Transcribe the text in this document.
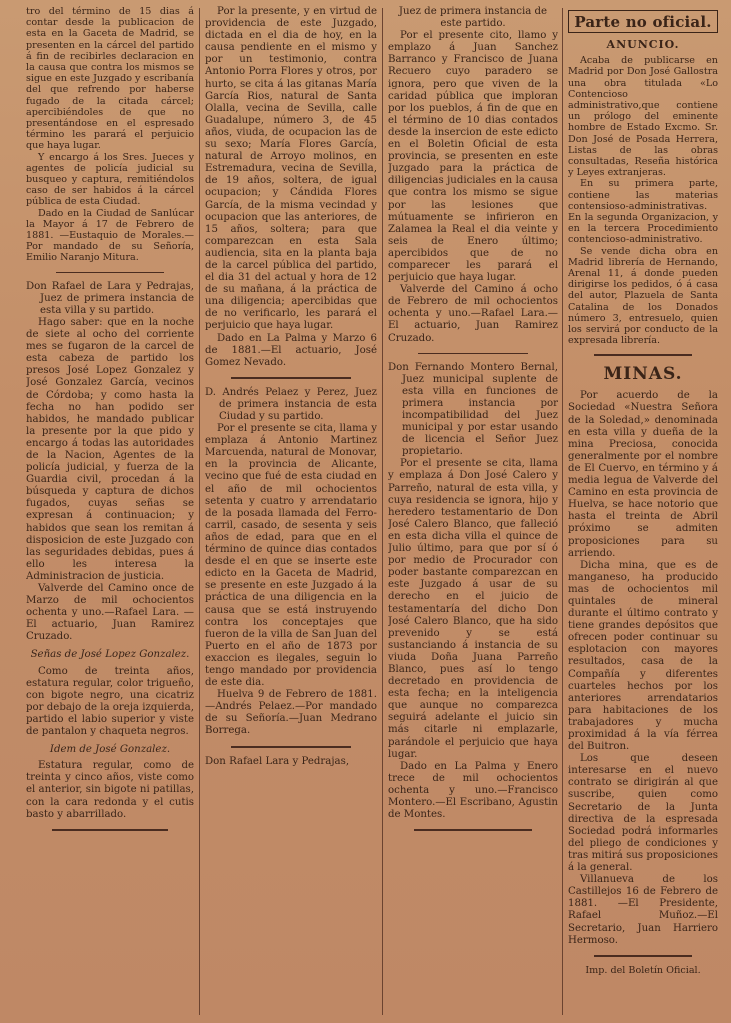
tro del término de 15 dias á contar desde la publicacion de esta en la Gaceta de Madrid, se presenten en la cárcel del partido á fin de recibirles declaracion en la causa que contra los mismos se sigue en este Juzgado y escribanía del que refrendo por haberse fugado de la citada cárcel; apercibiéndoles de que no presentándose en el espresado término les parará el perjuicio que haya lugar.

Y encargo á los Sres. Jueces y agentes de policía judicial su busqueo y captura, remitiéndolos caso de ser habidos á la cárcel pública de esta Ciudad.

Dado en la Ciudad de Sanlúcar la Mayor á 17 de Febrero de 1881. —Eustaquio de Morales.—Por mandado de su Señoría, Emilio Naranjo Mitura.

Don Rafael de Lara y Pedrajas, Juez de primera instancia de esta villa y su partido.

Hago saber: que en la noche de siete al ocho del corriente mes se fugaron de la carcel de esta cabeza de partido los presos José Lopez Gonzalez y José Gonzalez García, vecinos de Córdoba; y como hasta la fecha no han podido ser habidos, he mandado publicar la presente por la que pido y encargo á todas las autoridades de la Nacion, Agentes de la policía judicial, y fuerza de la Guardia civil, procedan á la búsqueda y captura de dichos fugados, cuyas señas se expresan á continuacion; y habidos que sean los remitan á disposicion de este Juzgado con las seguridades debidas, pues á ello les interesa la Administracion de justicia.

Valverde del Camino once de Marzo de mil ochocientos ochenta y uno.—Rafael Lara. —El actuario, Juan Ramirez Cruzado.

Señas de José Lopez Gonzalez.

Como de treinta años, estatura regular, color trigueño, con bigote negro, una cicatriz por debajo de la oreja izquierda, partido el labio superior y viste de pantalon y chaqueta negros.

Idem de José Gonzalez.

Estatura regular, como de treinta y cinco años, viste como el anterior, sin bigote ni patillas, con la cara redonda y el cutis basto y abarrillado.

Por la presente, y en virtud de providencia de este Juzgado, dictada en el dia de hoy, en la causa pendiente en el mismo y por un testimonio, contra Antonio Porra Flores y otros, por hurto, se cita á las gitanas María García Rios, natural de Santa Olalla, vecina de Sevilla, calle Guadalupe, número 3, de 45 años, viuda, de ocupacion las de su sexo; María Flores García, natural de Arroyo molinos, en Estremadura, vecina de Sevilla, de 19 años, soltera, de igual ocupacion; y Cándida Flores García, de la misma vecindad y ocupacion que las anteriores, de 15 años, soltera; para que comparezcan en esta Sala audiencia, sita en la planta baja de la carcel pública del partido, el dia 31 del actual y hora de 12 de su mañana, á la práctica de una diligencia; apercibidas que de no verificarlo, les parará el perjuicio que haya lugar.

Dado en La Palma y Marzo 6 de 1881.—El actuario, José Gomez Nevado.

D. Andrés Pelaez y Perez, Juez de primera instancia de esta Ciudad y su partido.

Por el presente se cita, llama y emplaza á Antonio Martinez Marcuenda, natural de Monovar, en la provincia de Alicante, vecino que fué de esta ciudad en el año de mil ochocientos setenta y cuatro y arrendatario de la posada llamada del Ferro-carril, casado, de sesenta y seis años de edad, para que en el término de quince dias contados desde el en que se inserte este edicto en la Gaceta de Madrid, se presente en este Juzgado á la práctica de una diligencia en la causa que se está instruyendo contra los conceptajes que fueron de la villa de San Juan del Puerto en el año de 1873 por exaccion es ilegales, seguin lo tengo mandado por providencia de este dia.

Huelva 9 de Febrero de 1881.—Andrés Pelaez.—Por mandado de su Señoría.—Juan Medrano Borrega.

Don Rafael Lara y Pedrajas,

Juez de primera instancia de este partido.

Por el presente cito, llamo y emplazo á Juan Sanchez Barranco y Francisco de Juana Recuero cuyo paradero se ignora, pero que viven de la caridad pública que imploran por los pueblos, á fin de que en el término de 10 dias contados desde la insercion de este edicto en el Boletin Oficial de esta provincia, se presenten en este Juzgado para la práctica de diligencias judiciales en la causa que contra los mismo se sigue por las lesiones que mútuamente se infirieron en Zalamea la Real el dia veinte y seis de Enero último; apercibidos que de no comparecer les parará el perjuicio que haya lugar.

Valverde del Camino á ocho de Febrero de mil ochocientos ochenta y uno.—Rafael Lara.—El actuario, Juan Ramirez Cruzado.

Don Fernando Montero Bernal, Juez municipal suplente de esta villa en funciones de primera instancia por incompatibilidad del Juez municipal y por estar usando de licencia el Señor Juez propietario.

Por el presente se cita, llama y emplaza á Don José Calero y Parreño, natural de esta villa, y cuya residencia se ignora, hijo y heredero testamentario de Don José Calero Blanco, que falleció en esta dicha villa el quince de Julio último, para que por sí ó por medio de Procurador con poder bastante comparezcan en este Juzgado á usar de su derecho en el juicio de testamentaría del dicho Don José Calero Blanco, que ha sido prevenido y se está sustanciando á instancia de su viuda Doña Juana Parreño Blanco, pues así lo tengo decretado en providencia de esta fecha; en la inteligencia que aunque no comparezca seguirá adelante el juicio sin más citarle ni emplazarle, parándole el perjuicio que haya lugar.

Dado en La Palma y Enero trece de mil ochocientos ochenta y uno.—Francisco Montero.—El Escribano, Agustin de Montes.

Parte no oficial.
ANUNCIO.

Acaba de publicarse en Madrid por Don José Gallostra una obra titulada «Lo Contencioso administrativo,que contiene un prólogo del eminente hombre de Estado Excmo. Sr. Don José de Posada Herrera, Listas de las obras consultadas, Reseña histórica y Leyes extranjeras.

En su primera parte, contiene las materias contensioso-administrativas. En la segunda Organizacion, y en la tercera Procedimiento contencioso-administrativo.

Se vende dicha obra en Madrid librería de Hernando, Arenal 11, á donde pueden dirigirse los pedidos, ó á casa del autor, Plazuela de Santa Catalina de los Donados número 3, entresuelo, quien los servirá por conducto de la expresada librería.

MINAS.

Por acuerdo de la Sociedad «Nuestra Señora de la Soledad,» denominada en esta villa y dueña de la mina Preciosa, conocida generalmente por el nombre de El Cuervo, en término y á media legua de Valverde del Camino en esta provincia de Huelva, se hace notorio que hasta el treinta de Abril próximo se admiten proposiciones para su arriendo.

Dicha mina, que es de manganeso, ha producido mas de ochocientos mil quintales de mineral durante el último contrato y tiene grandes depósitos que ofrecen poder continuar su esplotacion con mayores resultados, casa de la Compañía y diferentes cuarteles hechos por los anteriores arrendatarios para habitaciones de los trabajadores y mucha proximidad á la vía férrea del Buitron.

Los que deseen interesarse en el nuevo contrato se dirigirán al que suscribe, quien como Secretario de la Junta directiva de la espresada Sociedad podrá informarles del pliego de condiciones y tras mitirá sus proposiciones á la general.

Villanueva de los Castillejos 16 de Febrero de 1881. —El Presidente, Rafael Muñoz.—El Secretario, Juan Harriero Hermoso.

Imp. del Boletín Oficial.
